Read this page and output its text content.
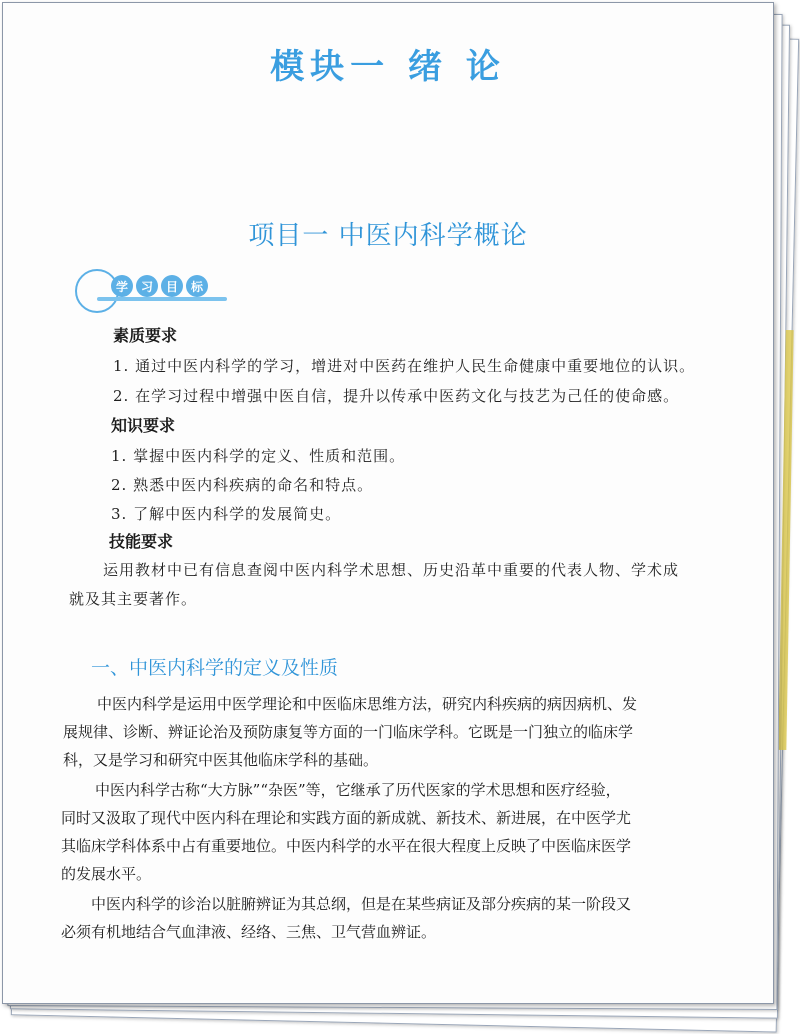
模块一 绪 论
项目一 中医内科学概论
学	习	目	标
素质要求
1. 通过中医内科学的学习，增进对中医药在维护人民生命健康中重要地位的认识。
2. 在学习过程中增强中医自信，提升以传承中医药文化与技艺为己任的使命感。
知识要求
1. 掌握中医内科学的定义、性质和范围。
2. 熟悉中医内科疾病的命名和特点。
3. 了解中医内科学的发展简史。
技能要求
运用教材中已有信息查阅中医内科学术思想、历史沿革中重要的代表人物、学术成
就及其主要著作。
一、中医内科学的定义及性质
中医内科学是运用中医学理论和中医临床思维方法，研究内科疾病的病因病机、发
展规律、诊断、辨证论治及预防康复等方面的一门临床学科。它既是一门独立的临床学
科，又是学习和研究中医其他临床学科的基础。
中医内科学古称“大方脉”“杂医”等，它继承了历代医家的学术思想和医疗经验，
同时又汲取了现代中医内科在理论和实践方面的新成就、新技术、新进展，在中医学尤
其临床学科体系中占有重要地位。中医内科学的水平在很大程度上反映了中医临床医学
的发展水平。
中医内科学的诊治以脏腑辨证为其总纲，但是在某些病证及部分疾病的某一阶段又
必须有机地结合气血津液、经络、三焦、卫气营血辨证。
